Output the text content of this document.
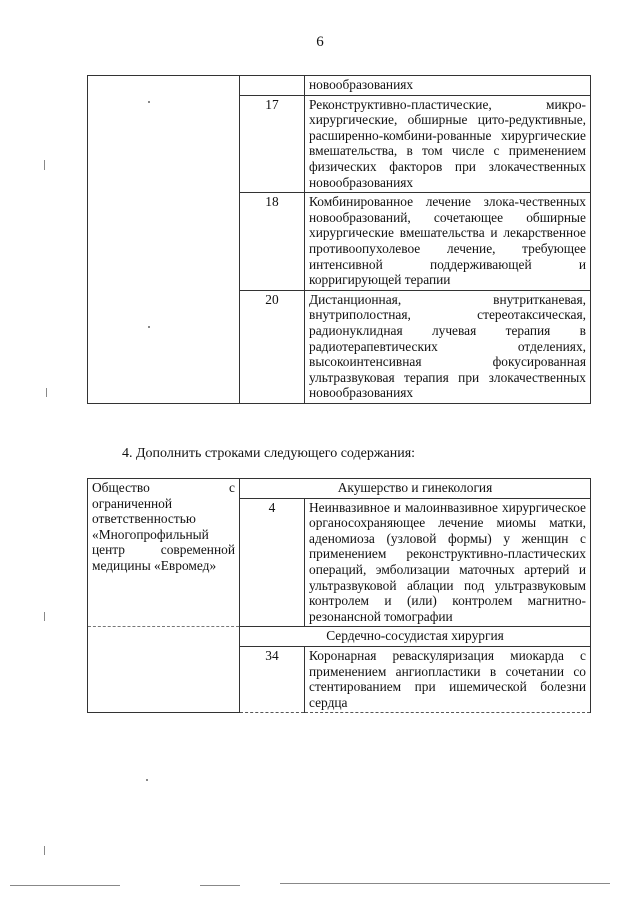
6
		новообразованиях
	17	Реконструктивно-пластические, микро-хирургические, обширные цито-редуктивные, расширенно-комбини-рованные хирургические вмешательства, в том числе с применением физических факторов при злокачественных новообразованиях
	18	Комбинированное лечение злока-чественных новообразований, сочетающее обширные хирургические вмешательства и лекарственное противоопухолевое лечение, требующее интенсивной поддерживающей и корригирующей терапии
	20	Дистанционная, внутритканевая, внутриполостная, стереотаксическая, радионуклидная лучевая терапия в радиотерапевтических отделениях, высокоинтенсивная фокусированная ультразвуковая терапия при злокачественных новообразованиях
4. Дополнить строками следующего содержания:
Общество с ограниченной ответственностью «Многопрофильный центр современной медицины «Евромед»	Акушерство и гинекология	
	4	Неинвазивное и малоинвазивное хирургическое органосохраняющее лечение миомы матки, аденомиоза (узловой формы) у женщин с применением реконструктивно-пластических операций, эмболизации маточных артерий и ультразвуковой аблации под ультразвуковым контролем и (или) контролем магнитно-резонансной томографии
	Сердечно-сосудистая хирургия	
	34	Коронарная реваскуляризация миокарда с применением ангиопластики в сочетании со стентированием при ишемической болезни сердца
